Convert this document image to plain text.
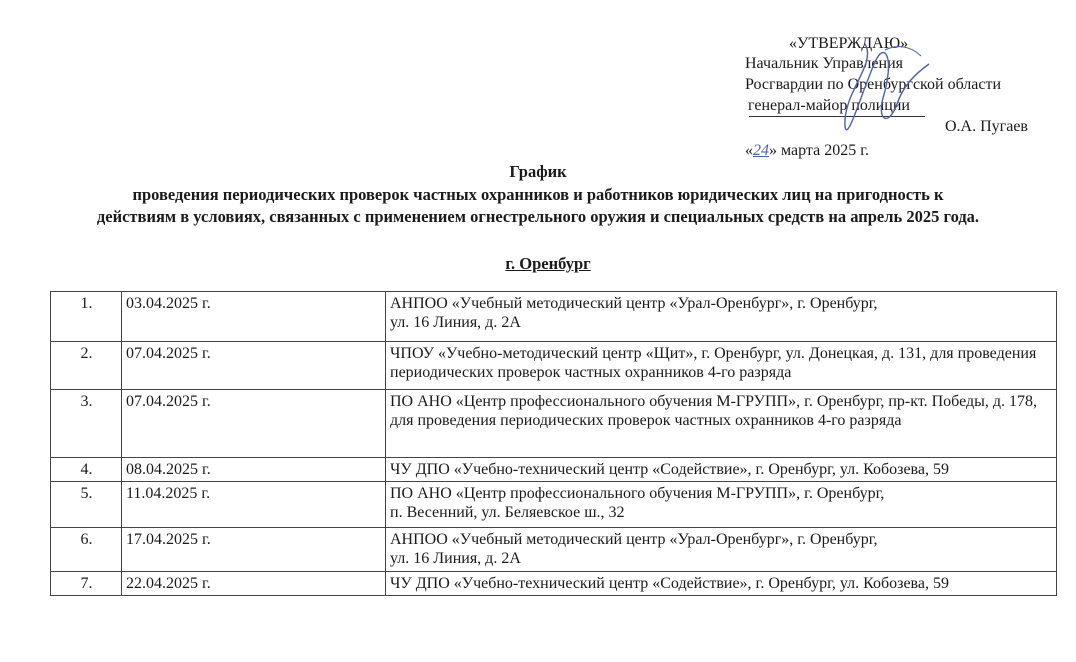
«УТВЕРЖДАЮ»
Начальник Управления
Росгвардии по Оренбургской области
генерал-майор полиции
О.А. Пугаев
«24» марта 2025 г.
График
проведения периодических проверок частных охранников и работников юридических лиц на пригодность к
действиям в условиях, связанных с применением огнестрельного оружия и специальных средств на апрель 2025 года.
г. Оренбург
1.	03.04.2025 г.	АНПОО «Учебный методический центр «Урал-Оренбург», г. Оренбург,
ул. 16 Линия, д. 2А
2.	07.04.2025 г.	ЧПОУ «Учебно-методический центр «Щит», г. Оренбург, ул. Донецкая, д. 131, для проведения периодических проверок частных охранников 4-го разряда
3.	07.04.2025 г.	ПО АНО «Центр профессионального обучения М-ГРУПП», г. Оренбург, пр-кт. Победы, д. 178, для проведения периодических проверок частных охранников 4-го разряда
4.	08.04.2025 г.	ЧУ ДПО «Учебно-технический центр «Содействие», г. Оренбург, ул. Кобозева, 59
5.	11.04.2025 г.	ПО АНО «Центр профессионального обучения М-ГРУПП», г. Оренбург,
п. Весенний, ул. Беляевское ш., 32
6.	17.04.2025 г.	АНПОО «Учебный методический центр «Урал-Оренбург», г. Оренбург,
ул. 16 Линия, д. 2А
7.	22.04.2025 г.	ЧУ ДПО «Учебно-технический центр «Содействие», г. Оренбург, ул. Кобозева, 59
